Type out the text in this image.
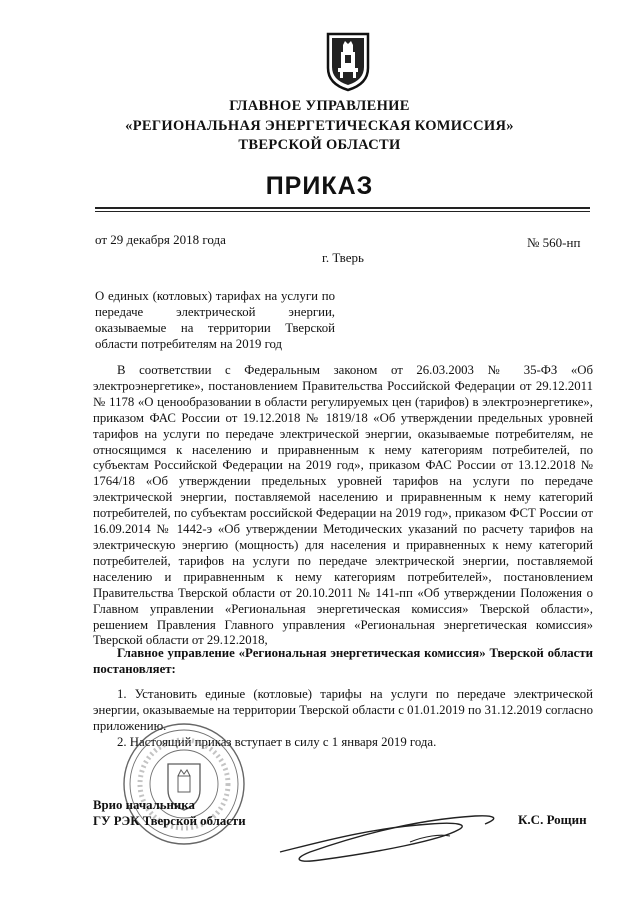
ГЛАВНОЕ УПРАВЛЕНИЕ
«РЕГИОНАЛЬНАЯ ЭНЕРГЕТИЧЕСКАЯ КОМИССИЯ»
ТВЕРСКОЙ ОБЛАСТИ
ПРИКАЗ
от 29 декабря 2018 года	№ 560-нп
г. Тверь
О единых (котловых) тарифах на услуги по передаче электрической энергии, оказываемые на территории Тверской области потребителям на 2019 год
В соответствии с Федеральным законом от 26.03.2003 № 35-ФЗ «Об электроэнергетике», постановлением Правительства Российской Федерации от 29.12.2011 № 1178 «О ценообразовании в области регулируемых цен (тарифов) в электроэнергетике», приказом ФАС России от 19.12.2018 № 1819/18 «Об утверждении предельных уровней тарифов на услуги по передаче электрической энергии, оказываемые потребителям, не относящимся к населению и приравненным к нему категориям потребителей, по субъектам Российской Федерации на 2019 год», приказом ФАС России от 13.12.2018 № 1764/18 «Об утверждении предельных уровней тарифов на услуги по передаче электрической энергии, поставляемой населению и приравненным к нему категорий потребителей, по субъектам российской Федерации на 2019 год», приказом ФСТ России от 16.09.2014 № 1442-э «Об утверждении Методических указаний по расчету тарифов на электрическую энергию (мощность) для населения и приравненных к нему категорий потребителей, тарифов на услуги по передаче электрической энергии, поставляемой населению и приравненным к нему категориям потребителей», постановлением Правительства Тверской области от 20.10.2011 № 141-пп «Об утверждении Положения о Главном управлении «Региональная энергетическая комиссия» Тверской области», решением Правления Главного управления «Региональная энергетическая комиссия» Тверской области от 29.12.2018,
Главное управление «Региональная энергетическая комиссия» Тверской области постановляет:
1. Установить единые (котловые) тарифы на услуги по передаче электрической энергии, оказываемые на территории Тверской области с 01.01.2019 по 31.12.2019 согласно приложению.
2. Настоящий приказ вступает в силу с 1 января 2019 года.
Врио начальника
ГУ РЭК Тверской области	К.С. Рощин
